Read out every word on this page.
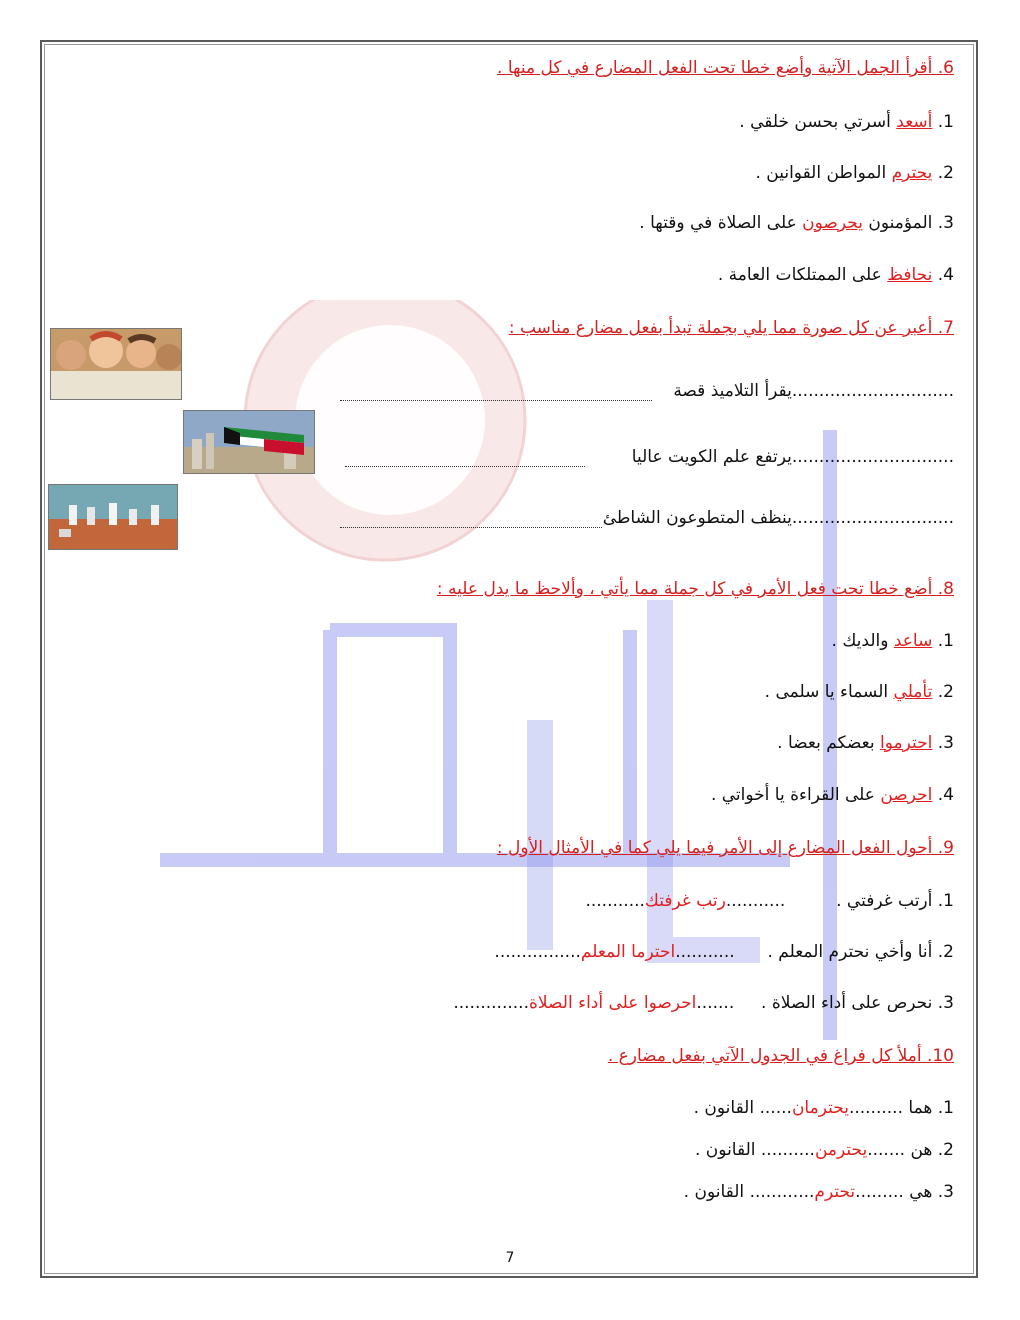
6. أقرأ الجمل الآتية وأضع خطا تحت الفعل المضارع في كل منها .
1. أسعد أسرتي بحسن خلقي .
2. يحترم المواطن القوانين .
3. المؤمنون يحرصون على الصلاة في وقتها .
4. نحافظ على الممتلكات العامة .
7. أعبر عن كل صورة مما يلي بجملة تبدأ بفعل مضارع مناسب :
..............................يقرأ التلاميذ قصة
..............................يرتفع علم الكويت عاليا
..............................ينظف المتطوعون الشاطئ
8. أضع خطا تحت فعل الأمر في كل جملة مما يأتي ، وألاحظ ما يدل عليه :
1. ساعد والديك .
2. تأملي السماء يا سلمى .
3. احترموا بعضكم بعضا .
4. احرصن على القراءة يا أخواتي .
9. أحول الفعل المضارع إلى الأمر فيما يلي كما في الأمثال الأول :
1. أرتب غرفتي .  ...........رتب غرفتك...........
2. أنا وأخي نحترم المعلم .  ...........احترما المعلم................
3. نحرص على أداء الصلاة .  .......احرصوا على أداء الصلاة..............
10. أملأ كل فراغ في الجدول الآتي بفعل مضارع .
1. هما ..........يحترمان...... القانون .
2. هن .......يحترمن.......... القانون .
3. هي .........تحترم............ القانون .
7
